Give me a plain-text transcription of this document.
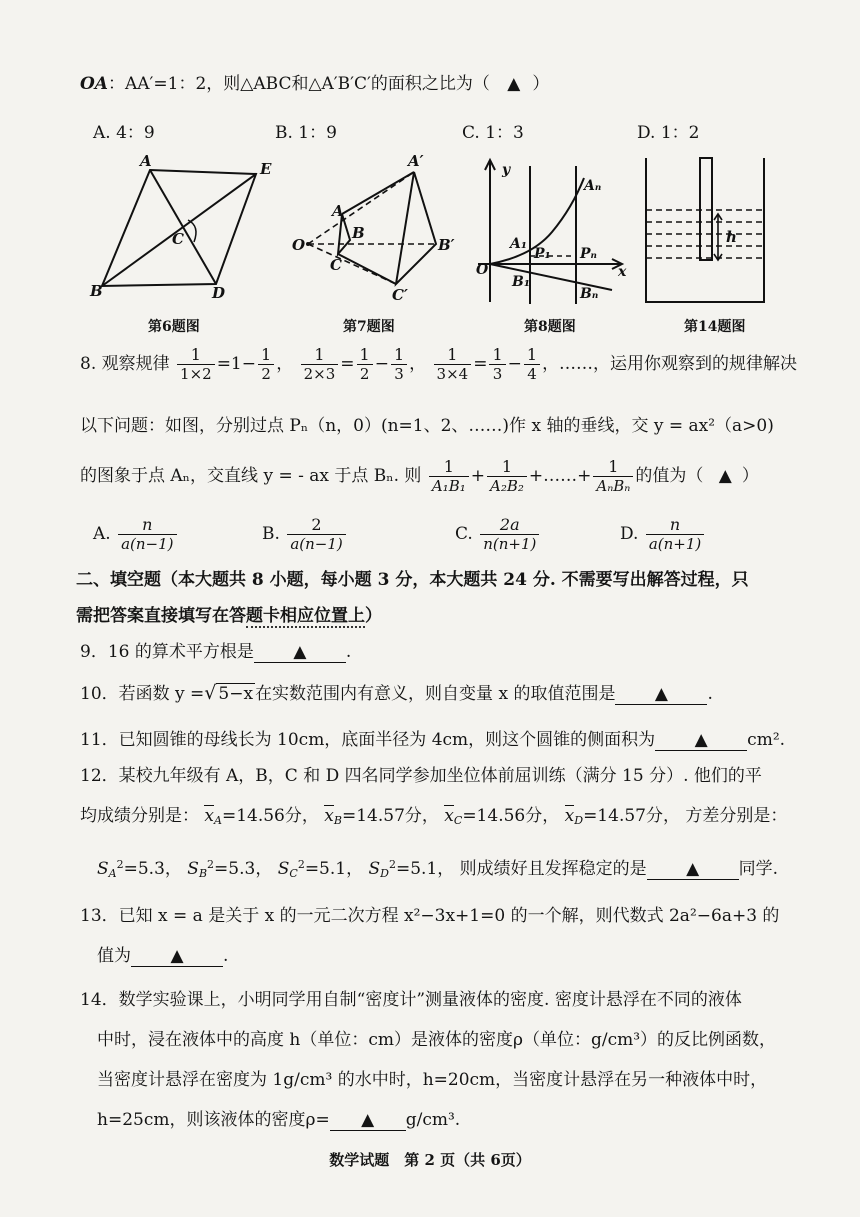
OA：AA′=1：2，则△ABC和△A′B′C′的面积之比为（ ▲ ）
A. 4：9	B. 1：9	C. 1：3	D. 1：2
A	E
B	D
C
第6题图
A′
A
B
O
C
B′
C′
第7题图
y
Aₙ
A₁
P₁ Pₙ
O	x
B₁
Bₙ
第8题图
h
第14题图
8. 观察规律 $\frac{1}{1\times 2} =1- \frac{1}{2}$ ， $\frac{1}{2\times 3} = \frac{1}{2} - \frac{1}{3}$ ， $\frac{1}{3\times 4} = \frac{1}{3} - \frac{1}{4}$ ，……，运用你观察到的规律解决
以下问题：如图，分别过点 Pₙ（n，0）(n=1、2、……)作 x 轴的垂线，交 y = ax²（a>0)
的图象于点 Aₙ，交直线 y = - ax 于点 Bₙ. 则 $\frac{1}{\text{A₁B₁}} + \frac{1}{\text{A₂B₂}}$ +……+ $\frac{1}{\text{AₙBₙ}}$ 的值为（ ▲ ）
A. $\frac{n}{a(n-1)}$	B. $\frac{2}{a(n-1)}$	C. $\frac{2a}{n(n+1)}$	D. $\frac{n}{a(n+1)}$
二、填空题（本大题共 8 小题，每小题 3 分，本大题共 24 分. 不需要写出解答过程，只
需把答案直接填写在答题卡相应位置上）
9．16 的算术平方根是 ▲ .
10．若函数 y =√ 5−x 在实数范围内有意义，则自变量 x 的取值范围是 ▲ .
11．已知圆锥的母线长为 10cm，底面半径为 4cm，则这个圆锥的侧面积为 ▲ cm².
12．某校九年级有 A，B，C 和 D 四名同学参加坐位体前屈训练（满分 15 分）. 他们的平
均成绩分别是： $x_A=14.56$分， $x_B=14.57$分， $x_C=14.56$分， $x_D=14.57$分， 方差分别是：
$S_A^2=5.3$， $S_B^2=5.3$， $S_C^2=5.1$， $S_D^2=5.1$， 则成绩好且发挥稳定的是 ▲ 同学.
13．已知 x = a 是关于 x 的一元二次方程 x²−3x+1=0 的一个解，则代数式 2a²−6a+3 的
值为 ▲ .
14．数学实验课上，小明同学用自制“密度计”测量液体的密度. 密度计悬浮在不同的液体
中时，浸在液体中的高度 h（单位：cm）是液体的密度ρ（单位：g/cm³）的反比例函数，
当密度计悬浮在密度为 1g/cm³ 的水中时，h=20cm，当密度计悬浮在另一种液体中时，
h=25cm，则该液体的密度ρ= ▲ g/cm³.
数学试题　第 2 页（共 6页）
